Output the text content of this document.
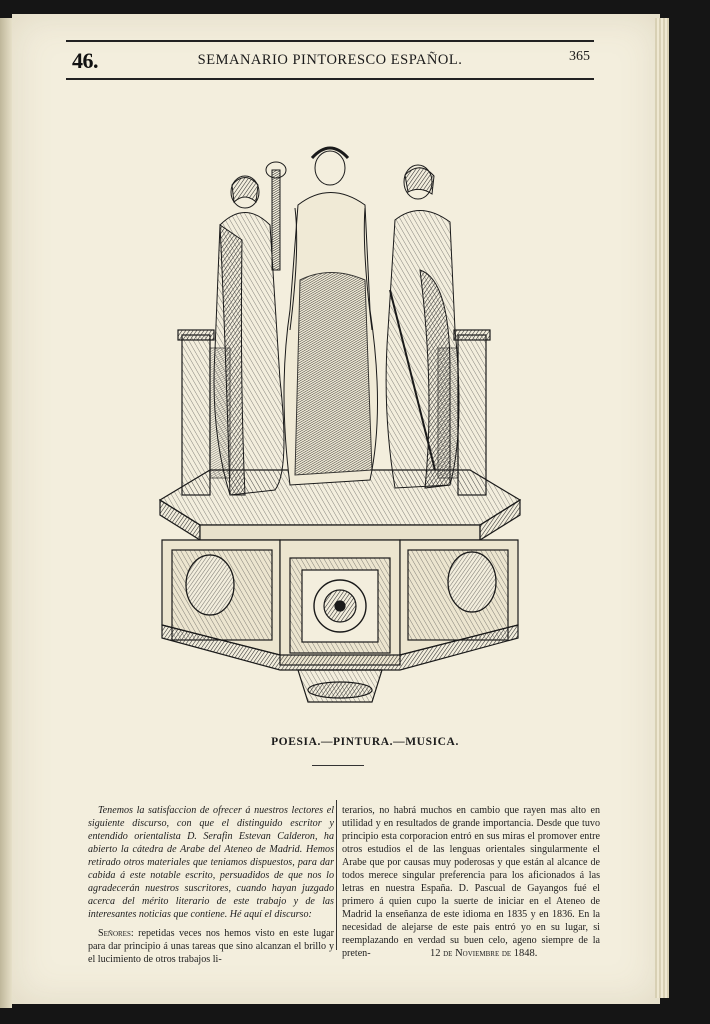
46.	SEMANARIO PINTORESCO ESPAÑOL.	365
POESIA.—PINTURA.—MUSICA.

Tenemos la satisfaccion de ofrecer á nuestros lectores el siguiente discurso, con que el distinguido escritor y entendido orientalista D. Serafin Estevan Calderon, ha abierto la cátedra de Arabe del Ateneo de Madrid. Hemos retirado otros materiales que teniamos dispuestos, para dar cabida á este notable escrito, persuadidos de que nos lo agradecerán nuestros suscritores, cuando hayan juzgado acerca del mérito literario de este trabajo y de las interesantes noticias que contiene. Hé aquí el discurso:

Señores: repetidas veces nos hemos visto en este lugar para dar principio á unas tareas que sino alcanzan el brillo y el lucimiento de otros trabajos li-

terarios, no habrá muchos en cambio que rayen mas alto en utilidad y en resultados de grande importancia. Desde que tuvo principio esta corporacion entró en sus miras el promover entre otros estudios el de las lenguas orientales singularmente el Arabe que por causas muy poderosas y que están al alcance de todos merece singular preferencia para los aficionados á las letras en nuestra España. D. Pascual de Gayangos fué el primero á quien cupo la suerte de iniciar en el Ateneo de Madrid la enseñanza de este idioma en 1835 y en 1836. En la necesidad de alejarse de este pais entró yo en su lugar, si reemplazando en verdad su buen celo, ageno siempre de la preten-	12 de Noviembre de 1848.
